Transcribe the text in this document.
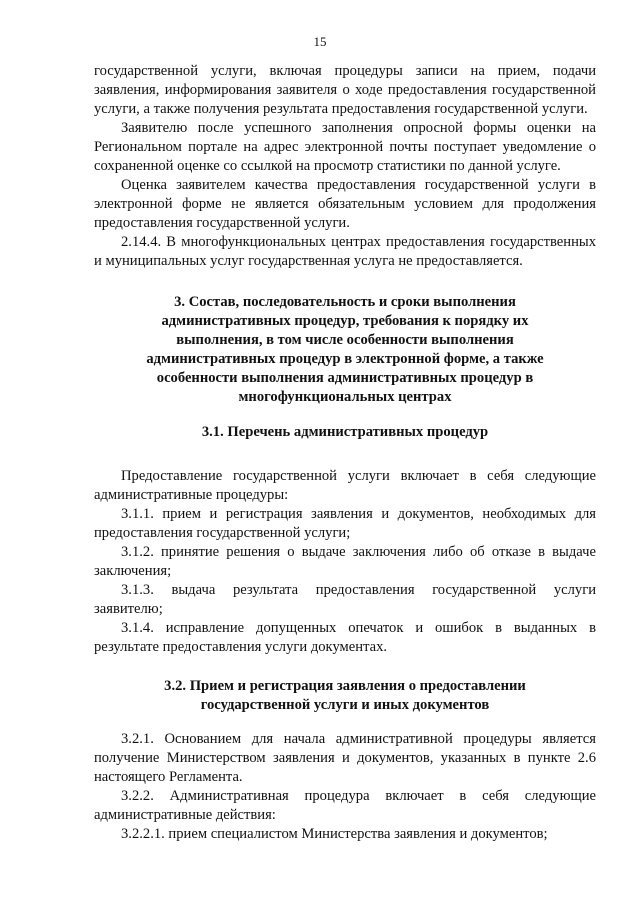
15

государственной услуги, включая процедуры записи на прием, подачи заявления, информирования заявителя о ходе предоставления государственной услуги, а также получения результата предоставления государственной услуги.

Заявителю после успешного заполнения опросной формы оценки на Региональном портале на адрес электронной почты поступает уведомление о сохраненной оценке со ссылкой на просмотр статистики по данной услуге.

Оценка заявителем качества предоставления государственной услуги в электронной форме не является обязательным условием для продолжения предоставления государственной услуги.

2.14.4. В многофункциональных центрах предоставления государственных и муниципальных услуг государственная услуга не предоставляется.

3. Состав, последовательность и сроки выполнения административных процедур, требования к порядку их выполнения, в том числе особенности выполнения административных процедур в электронной форме, а также особенности выполнения административных процедур в многофункциональных центрах
3.1. Перечень административных процедур

Предоставление государственной услуги включает в себя следующие административные процедуры:

3.1.1. прием и регистрация заявления и документов, необходимых для предоставления государственной услуги;

3.1.2. принятие решения о выдаче заключения либо об отказе в выдаче заключения;

3.1.3. выдача результата предоставления государственной услуги заявителю;

3.1.4. исправление допущенных опечаток и ошибок в выданных в результате предоставления услуги документах.

3.2. Прием и регистрация заявления о предоставлении государственной услуги и иных документов

3.2.1. Основанием для начала административной процедуры является получение Министерством заявления и документов, указанных в пункте 2.6 настоящего Регламента.

3.2.2. Административная процедура включает в себя следующие административные действия:

3.2.2.1. прием специалистом Министерства заявления и документов;
